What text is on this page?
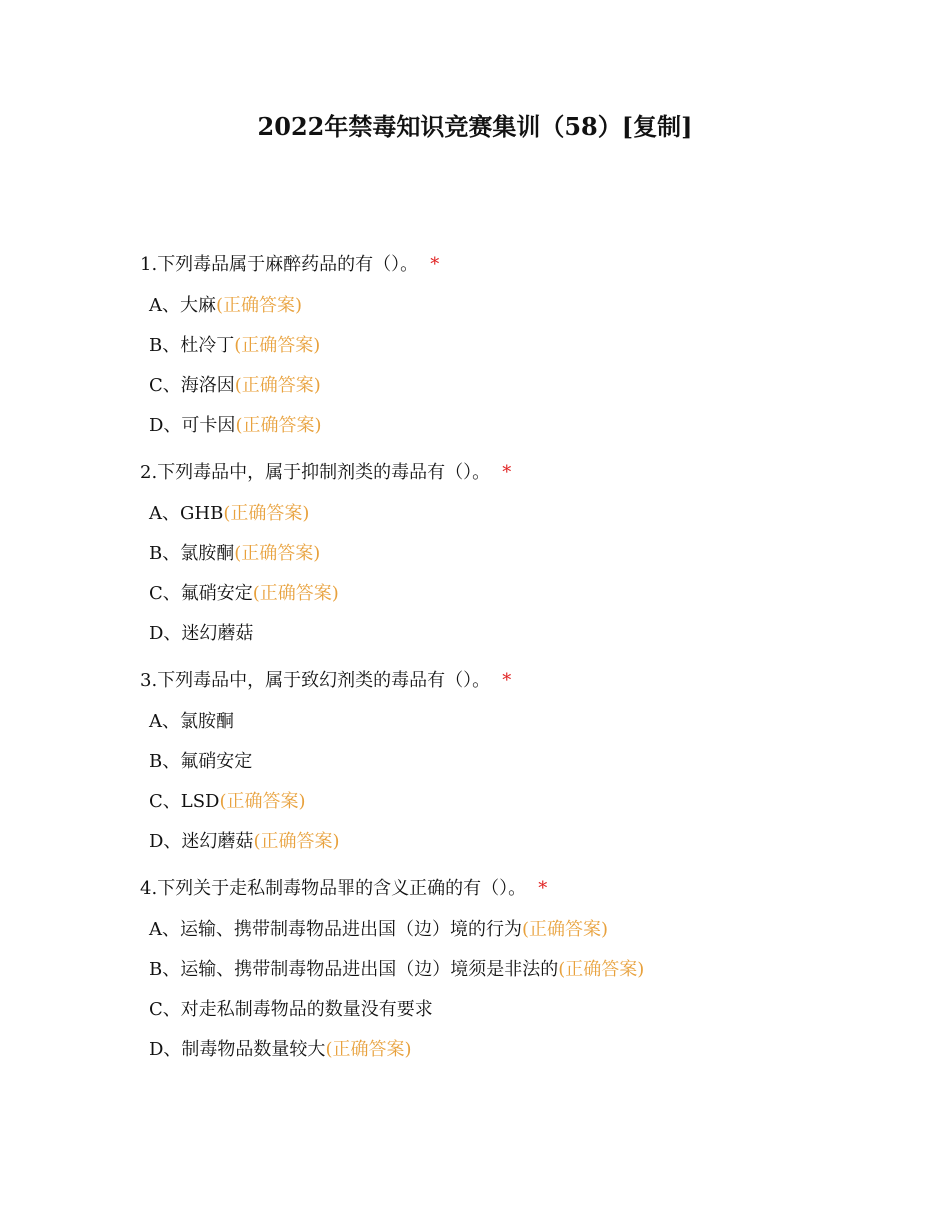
2022年禁毒知识竞赛集训（58）[复制]
1.下列毒品属于麻醉药品的有（）。 *
A、大麻(正确答案)
B、杜冷丁(正确答案)
C、海洛因(正确答案)
D、可卡因(正确答案)
2.下列毒品中，属于抑制剂类的毒品有（）。 *
A、GHB(正确答案)
B、氯胺酮(正确答案)
C、氟硝安定(正确答案)
D、迷幻蘑菇
3.下列毒品中，属于致幻剂类的毒品有（）。 *
A、氯胺酮
B、氟硝安定
C、LSD(正确答案)
D、迷幻蘑菇(正确答案)
4.下列关于走私制毒物品罪的含义正确的有（）。 *
A、运输、携带制毒物品进出国（边）境的行为(正确答案)
B、运输、携带制毒物品进出国（边）境须是非法的(正确答案)
C、对走私制毒物品的数量没有要求
D、制毒物品数量较大(正确答案)
